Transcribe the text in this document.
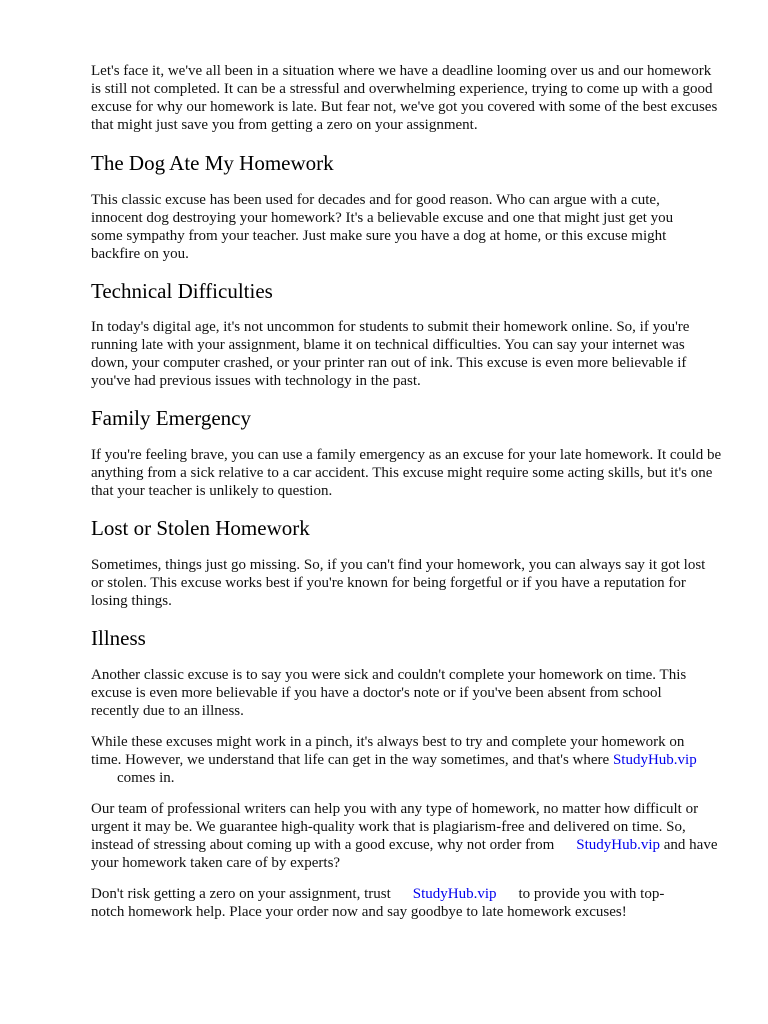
Let's face it, we've all been in a situation where we have a deadline looming over us and our homework is still not completed. It can be a stressful and overwhelming experience, trying to come up with a good excuse for why our homework is late. But fear not, we've got you covered with some of the best excuses that might just save you from getting a zero on your assignment.

The Dog Ate My Homework

This classic excuse has been used for decades and for good reason. Who can argue with a cute, innocent dog destroying your homework? It's a believable excuse and one that might just get you some sympathy from your teacher. Just make sure you have a dog at home, or this excuse might backfire on you.

Technical Difficulties

In today's digital age, it's not uncommon for students to submit their homework online. So, if you're running late with your assignment, blame it on technical difficulties. You can say your internet was down, your computer crashed, or your printer ran out of ink. This excuse is even more believable if you've had previous issues with technology in the past.

Family Emergency

If you're feeling brave, you can use a family emergency as an excuse for your late homework. It could be anything from a sick relative to a car accident. This excuse might require some acting skills, but it's one that your teacher is unlikely to question.

Lost or Stolen Homework

Sometimes, things just go missing. So, if you can't find your homework, you can always say it got lost or stolen. This excuse works best if you're known for being forgetful or if you have a reputation for losing things.

Illness

Another classic excuse is to say you were sick and couldn't complete your homework on time. This excuse is even more believable if you have a doctor's note or if you've been absent from school recently due to an illness.

While these excuses might work in a pinch, it's always best to try and complete your homework on time. However, we understand that life can get in the way sometimes, and that's where StudyHub.vipcomes in.

Our team of professional writers can help you with any type of homework, no matter how difficult or urgent it may be. We guarantee high-quality work that is plagiarism-free and delivered on time. So, instead of stressing about coming up with a good excuse, why not order from StudyHub.vip and have your homework taken care of by experts?

Don't risk getting a zero on your assignment, trust StudyHub.vip to provide you with top-notch homework help. Place your order now and say goodbye to late homework excuses!
